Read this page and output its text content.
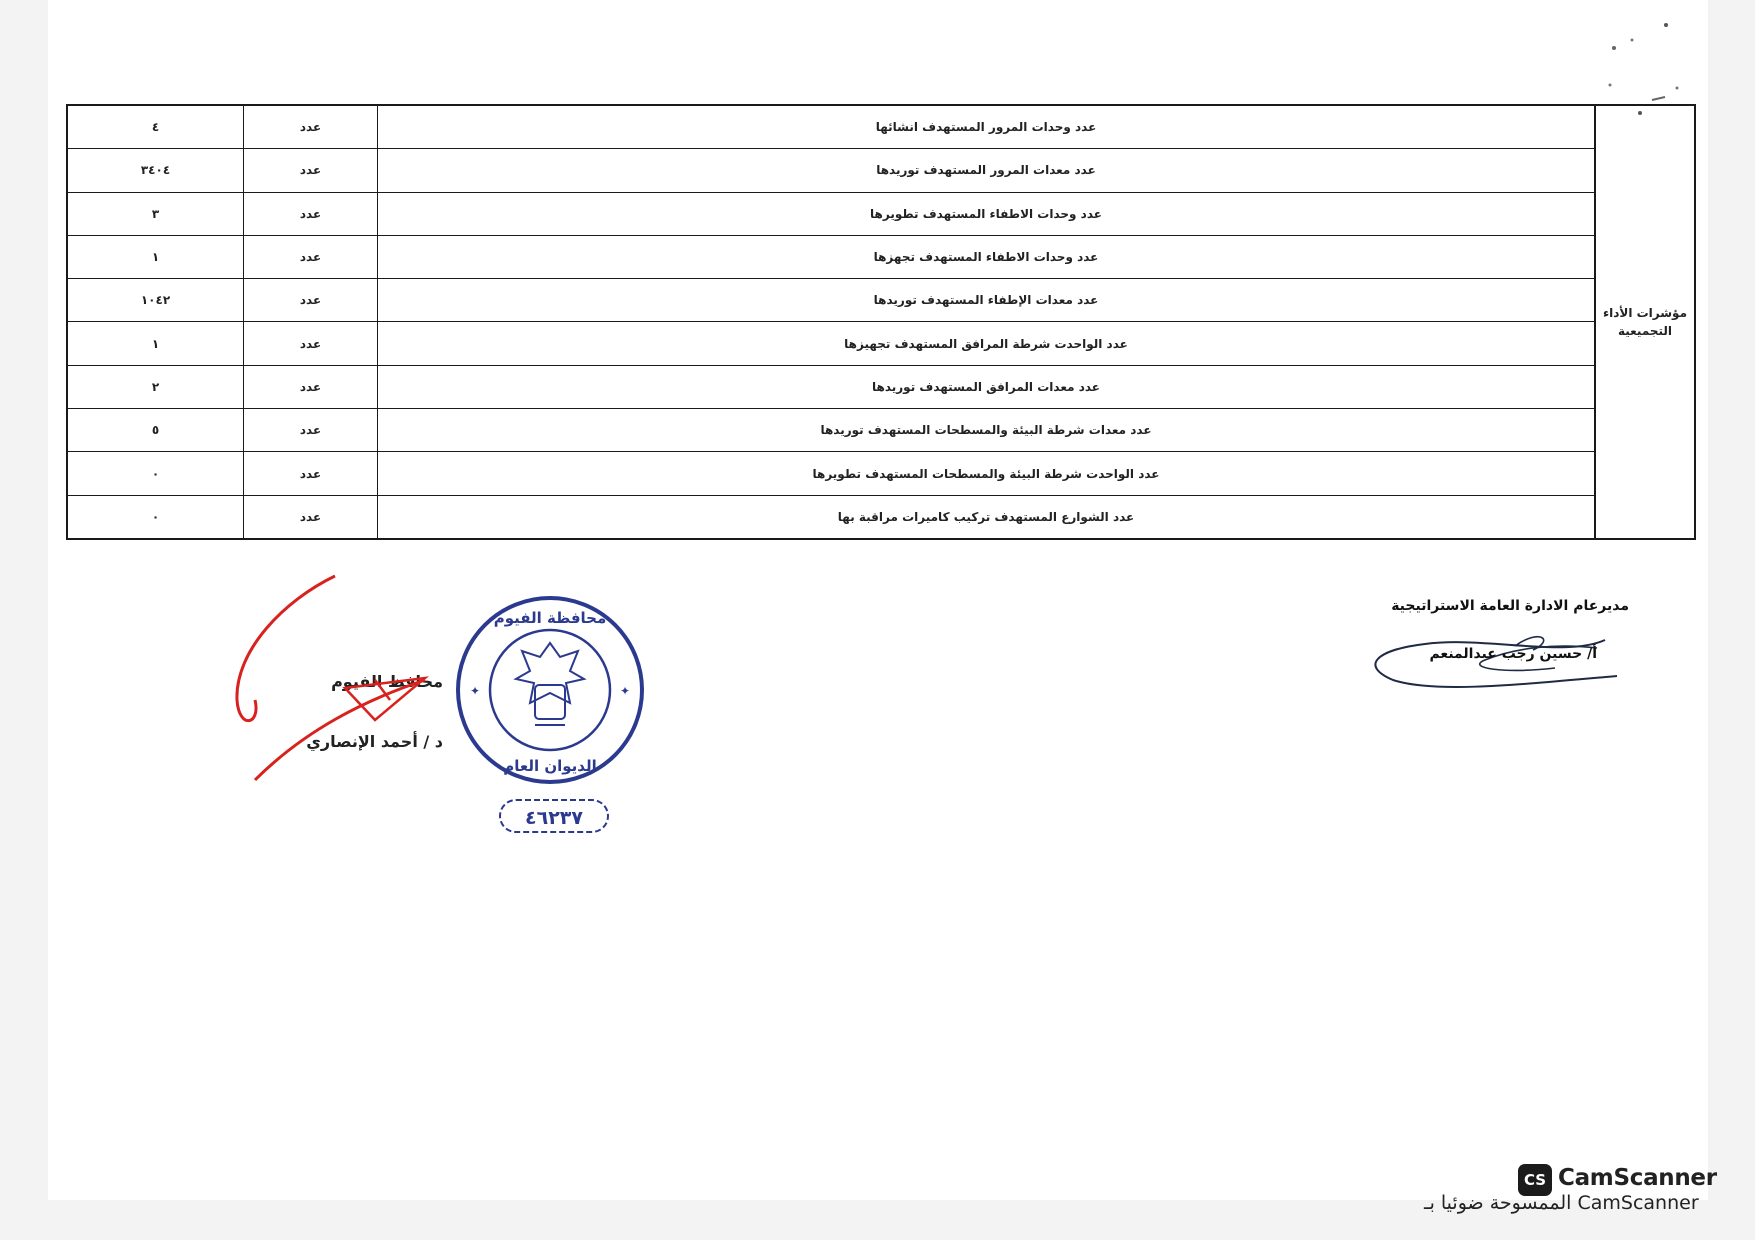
مؤشرات الأداء التجميعية
عدد وحدات المرور المستهدف انشائها
عدد
٤
عدد معدات المرور المستهدف توريدها
عدد
٣٤٠٤
عدد وحدات الاطفاء المستهدف تطويرها
عدد
٣
عدد وحدات الاطفاء المستهدف تجهزها
عدد
١
عدد معدات الإطفاء المستهدف توريدها
عدد
١٠٤٢
عدد الواحدت شرطة المرافق المستهدف تجهيزها
عدد
١
عدد معدات المرافق المستهدف توريدها
عدد
٢
عدد معدات شرطة البيئة والمسطحات المستهدف توريدها
عدد
٥
عدد الواحدت شرطة البيئة والمسطحات المستهدف تطويرها
عدد
٠
عدد الشوارع المستهدف تركيب كاميرات مراقبة بها
عدد
٠
مديرعام الادارة العامة الاستراتيجية
أ/ حسين رجب عبدالمنعم
محافظة الفيوم
الديوان العام
✦	✦
٤٦٢٣٧
محافظ الفيوم
د / أحمد الإنصاري
CS CamScanner
الممسوحة ضوئيا بـ CamScanner
